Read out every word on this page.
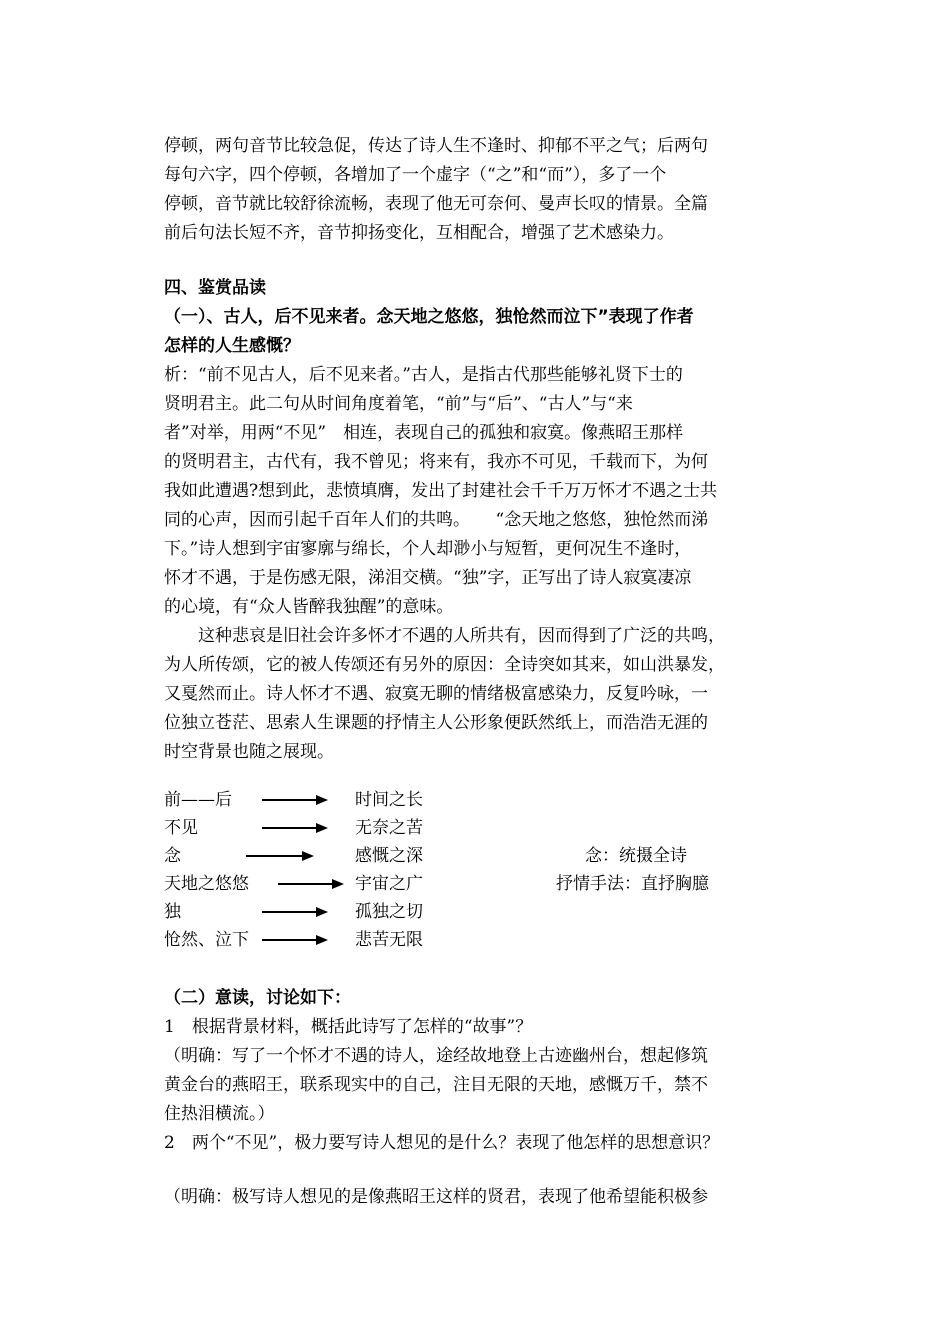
停顿，两句音节比较急促，传达了诗人生不逢时、抑郁不平之气；后两句
每句六字，四个停顿，各增加了一个虚字（“之”和“而”），多了一个
停顿，音节就比较舒徐流畅，表现了他无可奈何、曼声长叹的情景。全篇
前后句法长短不齐，音节抑扬变化，互相配合，增强了艺术感染力。
四、鉴赏品读
（一）、古人，后不见来者。念天地之悠悠，独怆然而泣下”表现了作者
怎样的人生感慨？
析：“前不见古人，后不见来者。”古人，是指古代那些能够礼贤下士的
贤明君主。此二句从时间角度着笔，“前”与“后”、“古人”与“来
者”对举，用两“不见”　相连，表现自己的孤独和寂寞。像燕昭王那样
的贤明君主，古代有，我不曾见；将来有，我亦不可见，千载而下，为何
我如此遭遇?想到此，悲愤填膺，发出了封建社会千千万万怀才不遇之士共
同的心声，因而引起千百年人们的共鸣。　　“念天地之悠悠，独怆然而涕
下。”诗人想到宇宙寥廓与绵长，个人却渺小与短暂，更何况生不逢时，
怀才不遇，于是伤感无限，涕泪交横。“独”字，正写出了诗人寂寞凄凉
的心境，有“众人皆醉我独醒”的意味。
　　这种悲哀是旧社会许多怀才不遇的人所共有，因而得到了广泛的共鸣，
为人所传颂，它的被人传颂还有另外的原因：全诗突如其来，如山洪暴发，
又戛然而止。诗人怀才不遇、寂寞无聊的情绪极富感染力，反复吟咏，一
位独立苍茫、思索人生课题的抒情主人公形象便跃然纸上，而浩浩无涯的
时空背景也随之展现。
前——后	时间之长
不见	无奈之苦
念	感慨之深	念：统摄全诗
天地之悠悠	宇宙之广	抒情手法：直抒胸臆
独	孤独之切
怆然、泣下	悲苦无限
（二）意读，讨论如下：
1　根据背景材料，概括此诗写了怎样的“故事”？
（明确：写了一个怀才不遇的诗人，途经故地登上古迹幽州台，想起修筑
黄金台的燕昭王，联系现实中的自己，注目无限的天地，感慨万千，禁不
住热泪横流。）
2　两个“不见”，极力要写诗人想见的是什么？表现了他怎样的思想意识？
（明确：极写诗人想见的是像燕昭王这样的贤君，表现了他希望能积极参
